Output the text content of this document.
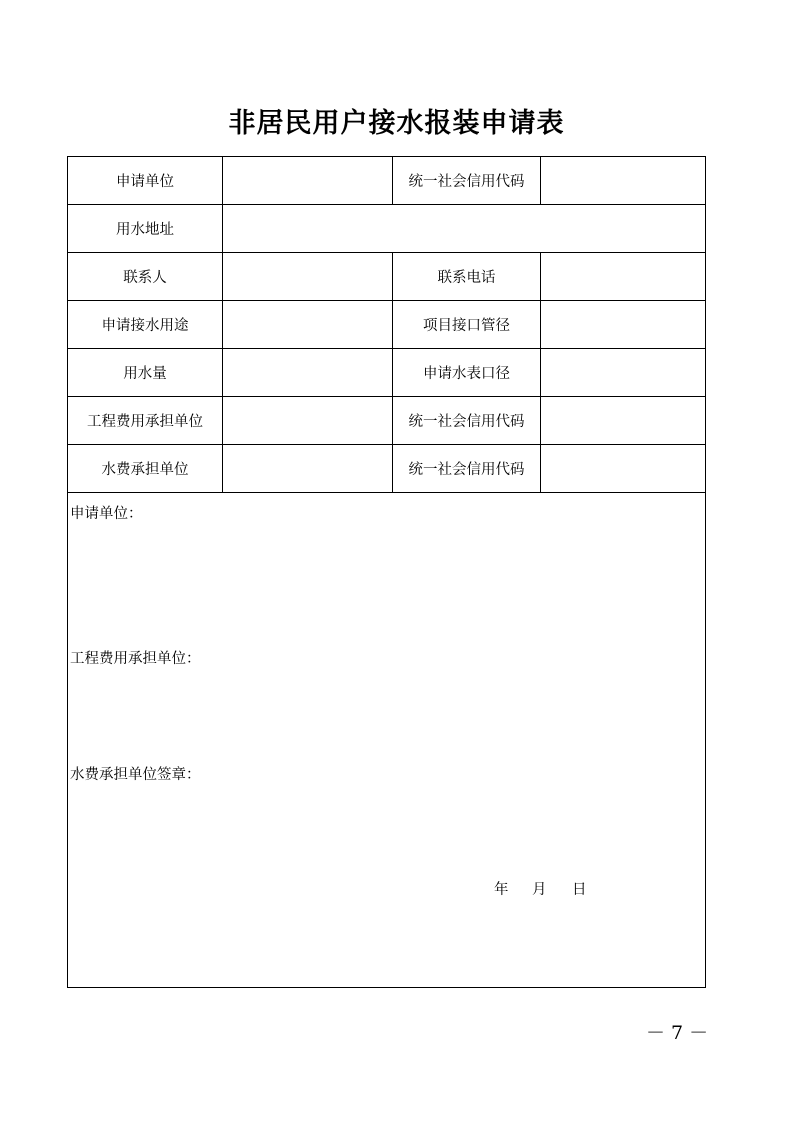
非居民用户接水报装申请表
申请单位		统一社会信用代码	
用水地址			
联系人		联系电话	
申请接水用途		项目接口管径	
用水量		申请水表口径	
工程费用承担单位		统一社会信用代码	
水费承担单位		统一社会信用代码	

申请单位：
工程费用承担单位：
水费承担单位签章：
年 月 日			
－ 7 －
